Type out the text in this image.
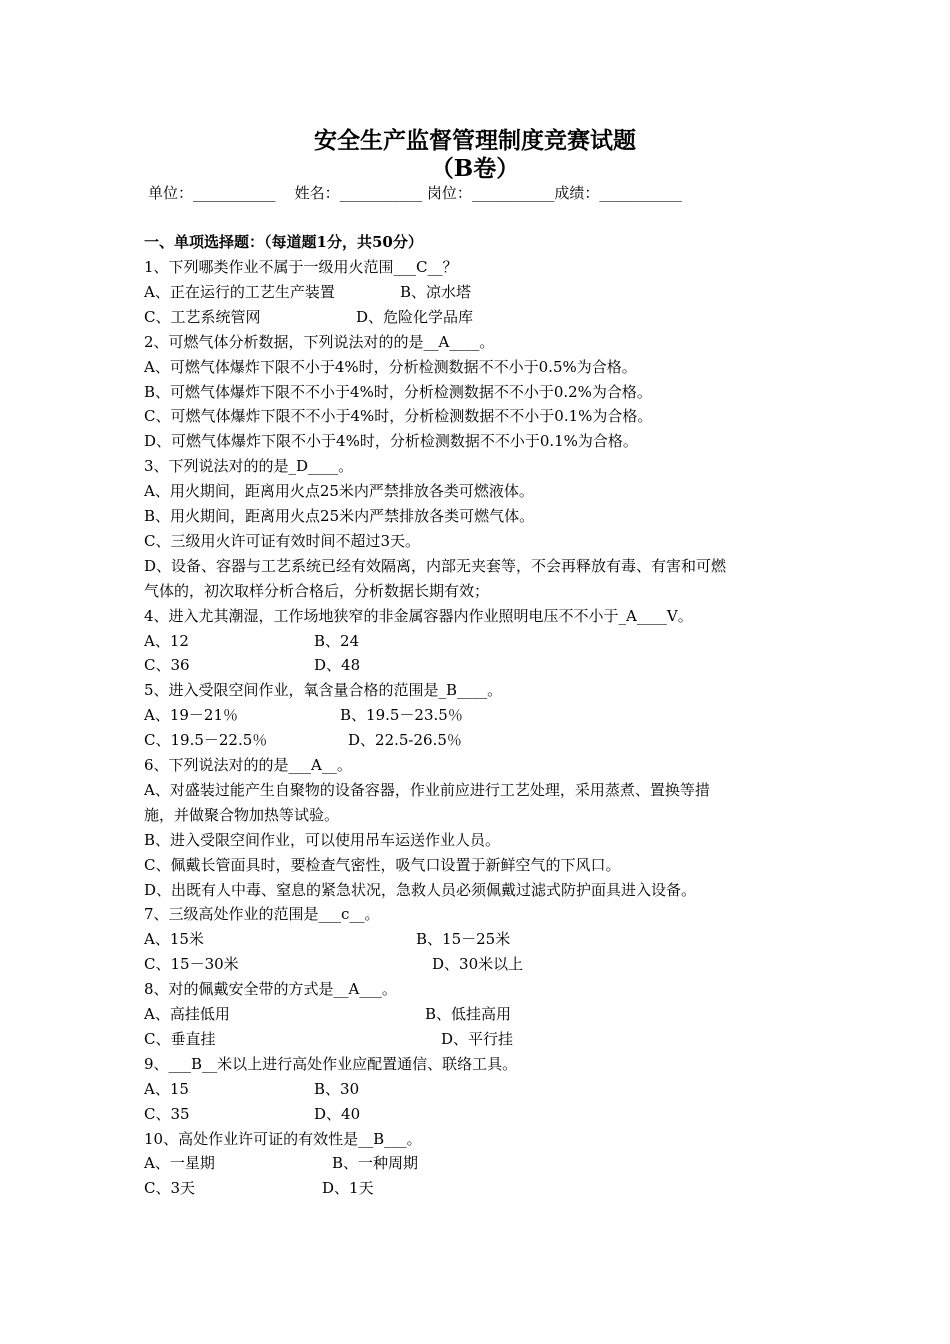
安全生产监督管理制度竞赛试题
（B卷）
单位：___________    姓名：___________ 岗位：___________成绩：___________
一、单项选择题：（每道题1分，共50分）
1、下列哪类作业不属于一级用火范围___C__？
A、正在运行的工艺生产装置	B、凉水塔
C、工艺系统管网	D、危险化学品库
2、可燃气体分析数据，下列说法对的的是__A____。
A、可燃气体爆炸下限不小于4%时，分析检测数据不不小于0.5%为合格。
B、可燃气体爆炸下限不不小于4%时，分析检测数据不不小于0.2%为合格。
C、可燃气体爆炸下限不不小于4%时，分析检测数据不不小于0.1%为合格。
D、可燃气体爆炸下限不小于4%时，分析检测数据不不小于0.1%为合格。
3、下列说法对的的是_D____。
A、用火期间，距离用火点25米内严禁排放各类可燃液体。
B、用火期间，距离用火点25米内严禁排放各类可燃气体。
C、三级用火许可证有效时间不超过3天。
D、设备、容器与工艺系统已经有效隔离，内部无夹套等，不会再释放有毒、有害和可燃
气体的，初次取样分析合格后，分析数据长期有效；
4、进入尤其潮湿，工作场地狭窄的非金属容器内作业照明电压不不小于_A____V。
A、12	B、24
C、36	D、48
5、进入受限空间作业，氧含量合格的范围是_B____。
A、19－21％	B、19.5－23.5％
C、19.5－22.5％	D、22.5-26.5％
6、下列说法对的的是___A__。
A、对盛装过能产生自聚物的设备容器，作业前应进行工艺处理，采用蒸煮、置换等措
施，并做聚合物加热等试验。
B、进入受限空间作业，可以使用吊车运送作业人员。
C、佩戴长管面具时，要检查气密性，吸气口设置于新鲜空气的下风口。
D、出既有人中毒、窒息的紧急状况，急救人员必须佩戴过滤式防护面具进入设备。
7、三级高处作业的范围是___c__。
A、15米	B、15－25米
C、15－30米	D、30米以上
8、对的佩戴安全带的方式是__A___。
A、高挂低用	B、低挂高用
C、垂直挂	D、平行挂
9、___B__米以上进行高处作业应配置通信、联络工具。
A、15	B、30
C、35	D、40
10、高处作业许可证的有效性是__B___。
A、一星期	B、一种周期
C、3天	D、1天
